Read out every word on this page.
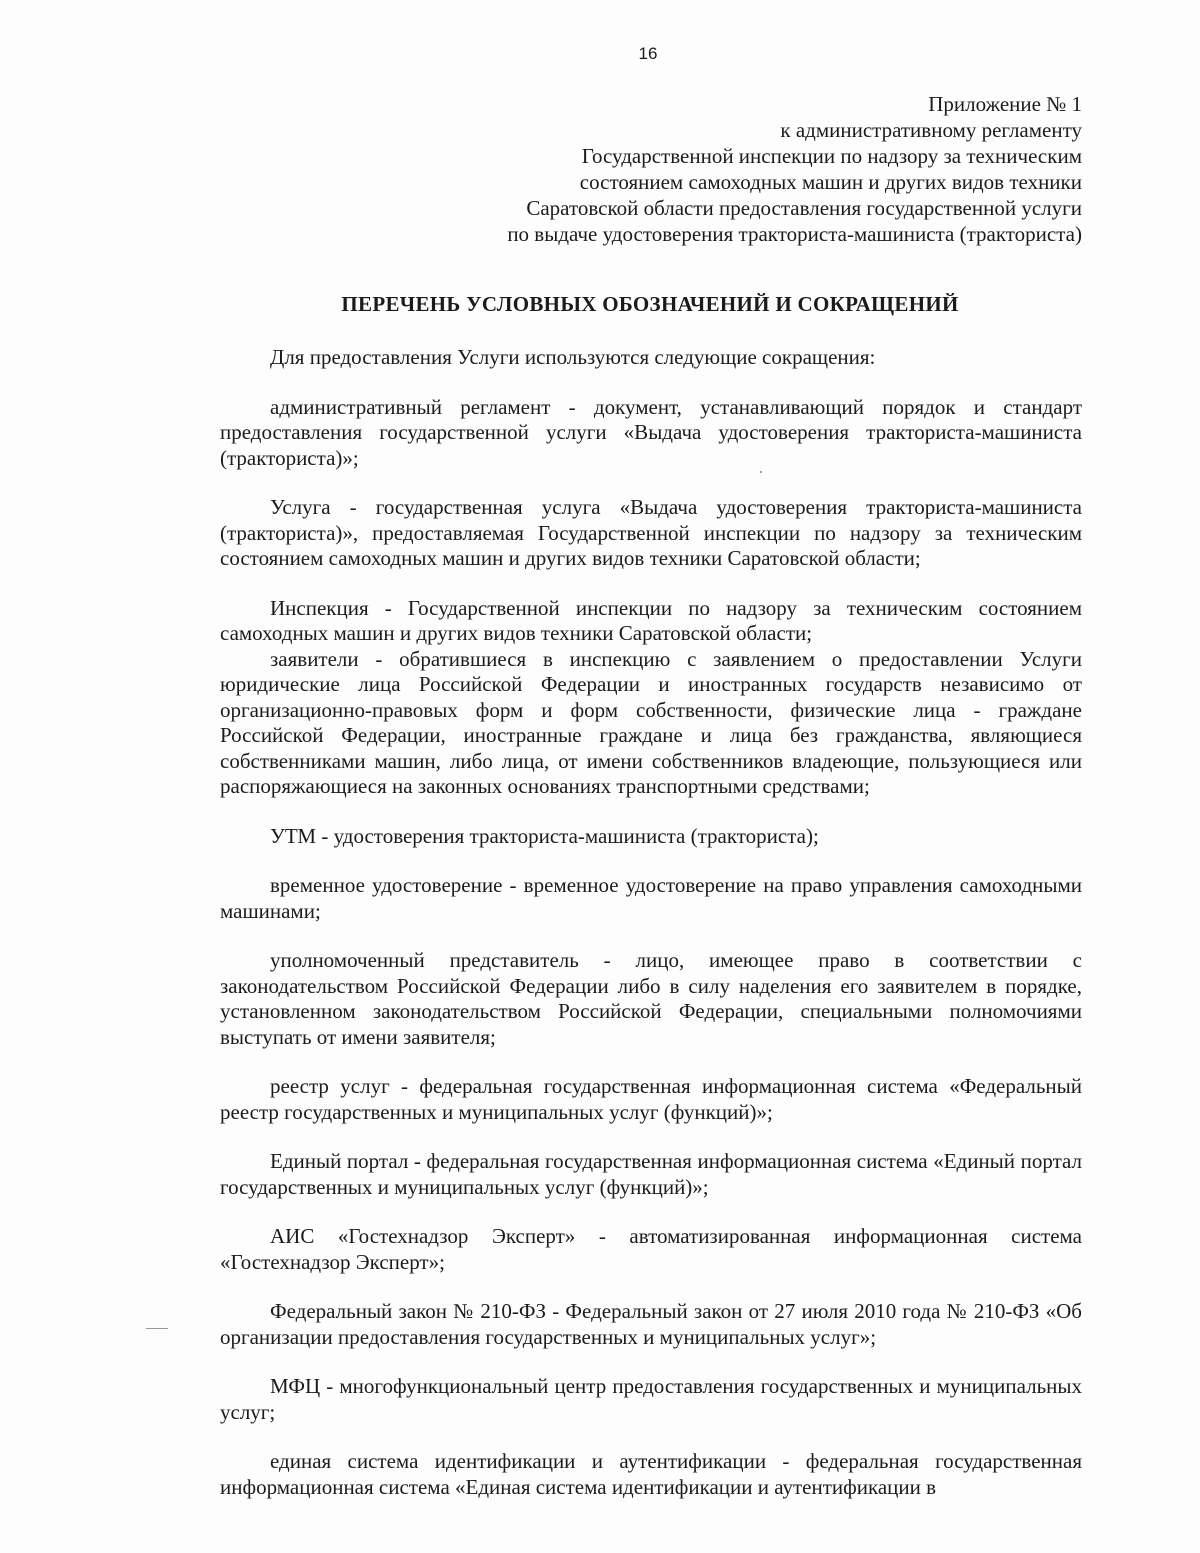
16
Приложение № 1
к административному регламенту
Государственной инспекции по надзору за техническим
состоянием самоходных машин и других видов техники
Саратовской области предоставления государственной услуги
по выдаче удостоверения тракториста-машиниста (тракториста)
ПЕРЕЧЕНЬ УСЛОВНЫХ ОБОЗНАЧЕНИЙ И СОКРАЩЕНИЙ

Для предоставления Услуги используются следующие сокращения:

административный регламент - документ, устанавливающий порядок и стандарт предоставления государственной услуги «Выдача удостоверения тракториста-машиниста (тракториста)»;

Услуга - государственная услуга «Выдача удостоверения тракториста-машиниста (тракториста)», предоставляемая Государственной инспекции по надзору за техническим состоянием самоходных машин и других видов техники Саратовской области;

Инспекция - Государственной инспекции по надзору за техническим состоянием самоходных машин и других видов техники Саратовской области;

заявители - обратившиеся в инспекцию с заявлением о предоставлении Услуги юридические лица Российской Федерации и иностранных государств независимо от организационно-правовых форм и форм собственности, физические лица - граждане Российской Федерации, иностранные граждане и лица без гражданства, являющиеся собственниками машин, либо лица, от имени собственников владеющие, пользующиеся или распоряжающиеся на законных основаниях транспортными средствами;

УТМ - удостоверения тракториста-машиниста (тракториста);

временное удостоверение - временное удостоверение на право управления самоходными машинами;

уполномоченный представитель - лицо, имеющее право в соответствии с законодательством Российской Федерации либо в силу наделения его заявителем в порядке, установленном законодательством Российской Федерации, специальными полномочиями выступать от имени заявителя;

реестр услуг - федеральная государственная информационная система «Федеральный реестр государственных и муниципальных услуг (функций)»;

Единый портал - федеральная государственная информационная система «Единый портал государственных и муниципальных услуг (функций)»;

АИС «Гостехнадзор Эксперт» - автоматизированная информационная система «Гостехнадзор Эксперт»;

Федеральный закон № 210-ФЗ - Федеральный закон от 27 июля 2010 года № 210-ФЗ «Об организации предоставления государственных и муниципальных услуг»;

МФЦ - многофункциональный центр предоставления государственных и муниципальных услуг;

единая система идентификации и аутентификации - федеральная государственная информационная система «Единая система идентификации и аутентификации в
